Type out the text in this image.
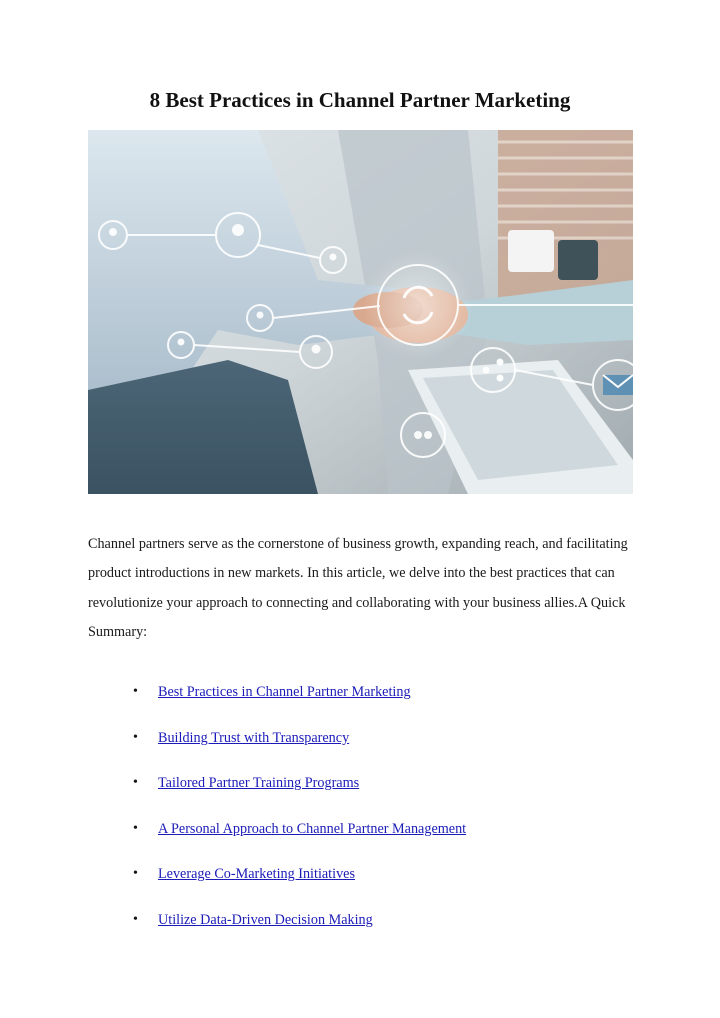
8 Best Practices in Channel Partner Marketing

Channel partners serve as the cornerstone of business growth, expanding reach, and facilitating product introductions in new markets. In this article, we delve into the best practices that can revolutionize your approach to connecting and collaborating with your business allies.A Quick Summary:

• Best Practices in Channel Partner Marketing
• Building Trust with Transparency
• Tailored Partner Training Programs
• A Personal Approach to Channel Partner Management
• Leverage Co-Marketing Initiatives
• Utilize Data-Driven Decision Making
